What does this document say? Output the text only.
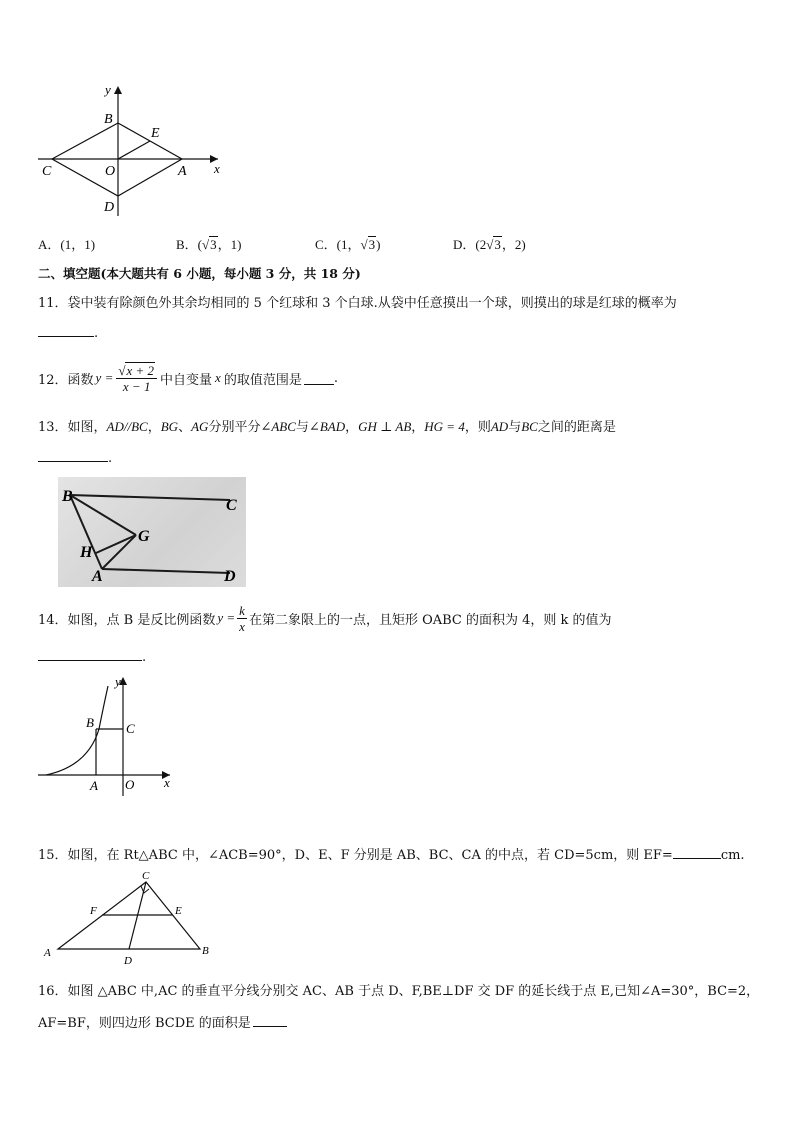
y
x
B
E
C	O	A
D
A．(1，1)	B．(√3，1)	C．(1，√3)	D．(2√3，2)
二、填空题(本大题共有 6 小题，每小题 3 分，共 18 分)
11．袋中装有除颜色外其余均相同的 5 个红球和 3 个白球.从袋中任意摸出一个球，则摸出的球是红球的概率为
.
12．函数 $y = \frac{√x + 2}{x - 1}$ 中自变量 x 的取值范围是 .
13．如图，AD//BC，BG、AG分别平分∠ABC与∠BAD，GH ⊥ AB，HG = 4，则AD与BC之间的距离是
.
B
C
G
H
A	D
14．如图，点 B 是反比例函数 $y = \frac{k}{x}$ 在第二象限上的一点，且矩形 OABC 的面积为 4，则 k 的值为
.
y
x
B C
A O
15．如图，在 Rt△ABC 中，∠ACB=90°，D、E、F 分别是 AB、BC、CA 的中点，若 CD=5cm，则 EF=	cm.
C
F	E
A	B
D
16．如图 △ABC 中,AC 的垂直平分线分别交 AC、AB 于点 D、F,BE⊥DF 交 DF 的延长线于点 E,已知∠A=30°，BC=2，
AF=BF，则四边形 BCDE 的面积是
